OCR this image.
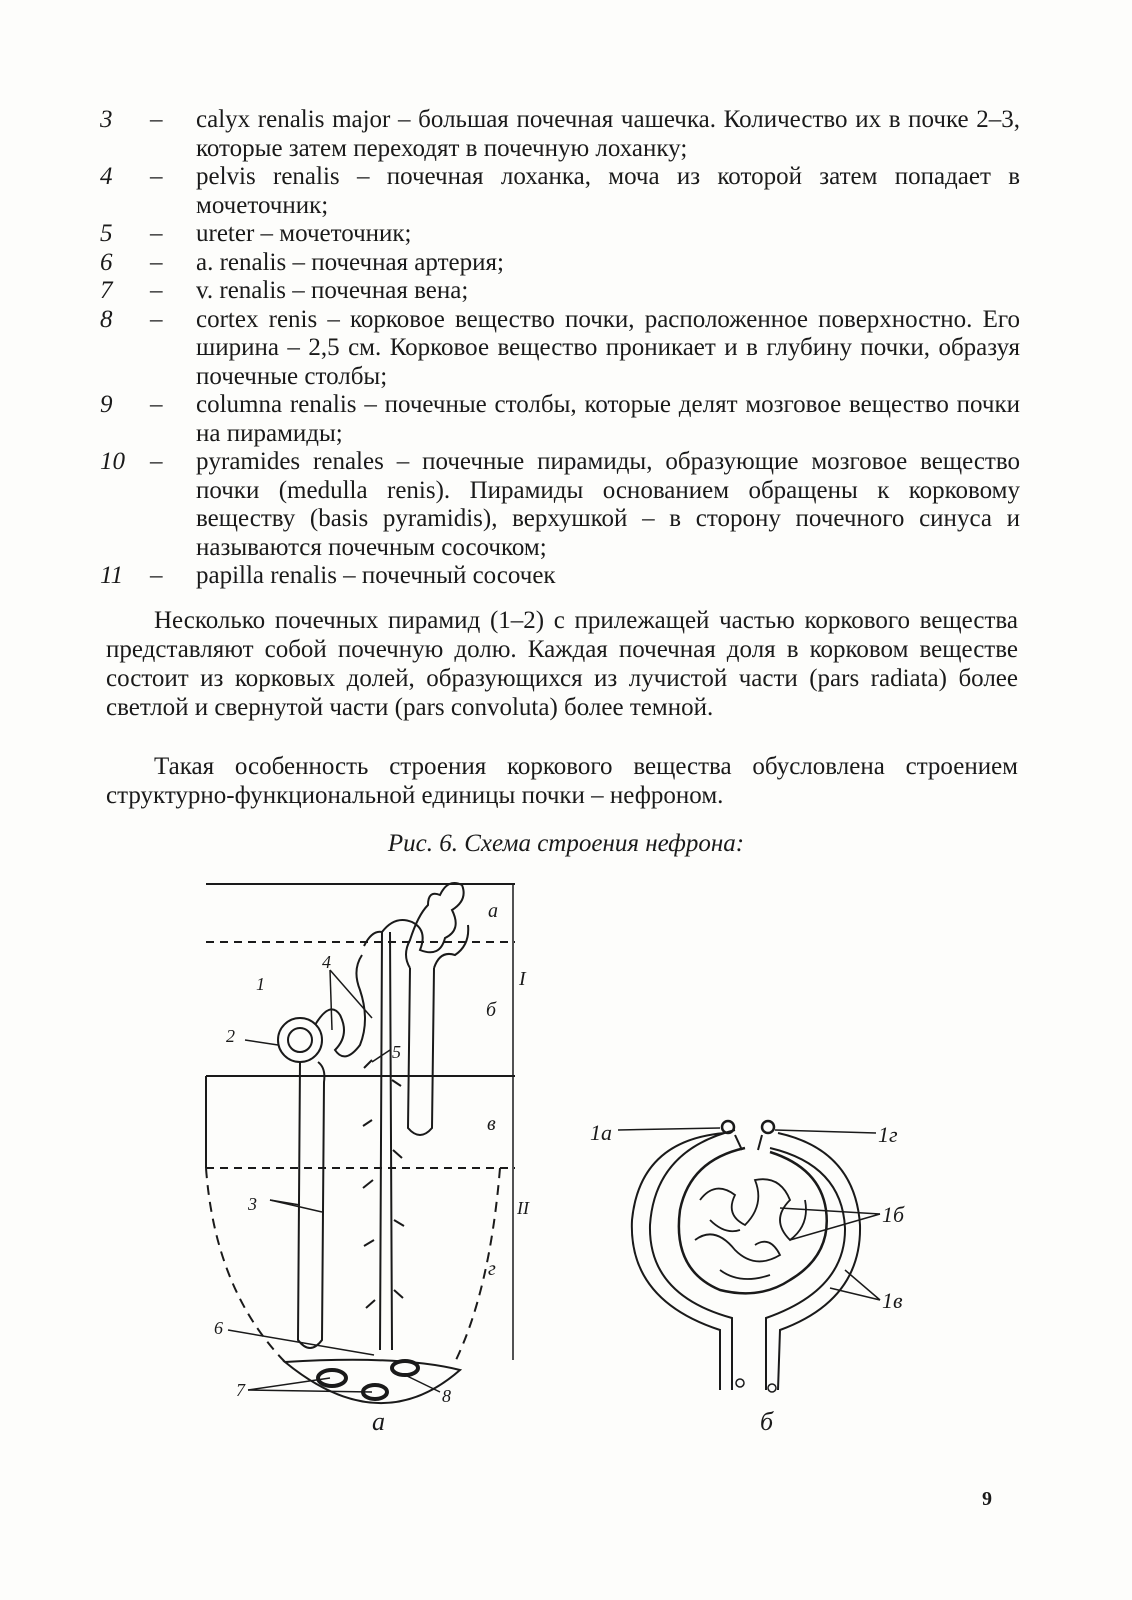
3	–	calyx renalis major – большая почечная чашечка. Количество их в почке 2–3, которые затем переходят в почечную лоханку;
4	–	pelvis renalis – почечная лоханка, моча из которой затем попадает в мочеточник;
5	–	ureter – мочеточник;
6	–	a. renalis – почечная артерия;
7	–	v. renalis – почечная вена;
8	–	cortex renis – корковое вещество почки, расположенное поверхностно. Его ширина – 2,5 см. Корковое вещество проникает и в глубину почки, образуя почечные столбы;
9	–	columna renalis – почечные столбы, которые делят мозговое вещество почки на пирамиды;
10	–	pyramides renales – почечные пирамиды, образующие мозговое вещество почки (medulla renis). Пирамиды основанием обращены к корковому веществу (basis pyramidis), верхушкой – в сторону почечного синуса и называются почечным сосочком;
11	–	papilla renalis – почечный сосочек

Несколько почечных пирамид (1–2) с прилежащей частью коркового вещества представляют собой почечную долю. Каждая почечная доля в корковом веществе состоит из корковых долей, образующихся из лучистой части (pars radiata) более светлой и свернутой части (pars convoluta) более темной.

Такая особенность строения коркового вещества обусловлена строением структурно-функциональной единицы почки – нефроном.

Рис. 6. Схема строения нефрона:
а
б
в
г
I
II
1
2
3
4
5
6
7	8
а
1а	1г
1б
1в
б
9
